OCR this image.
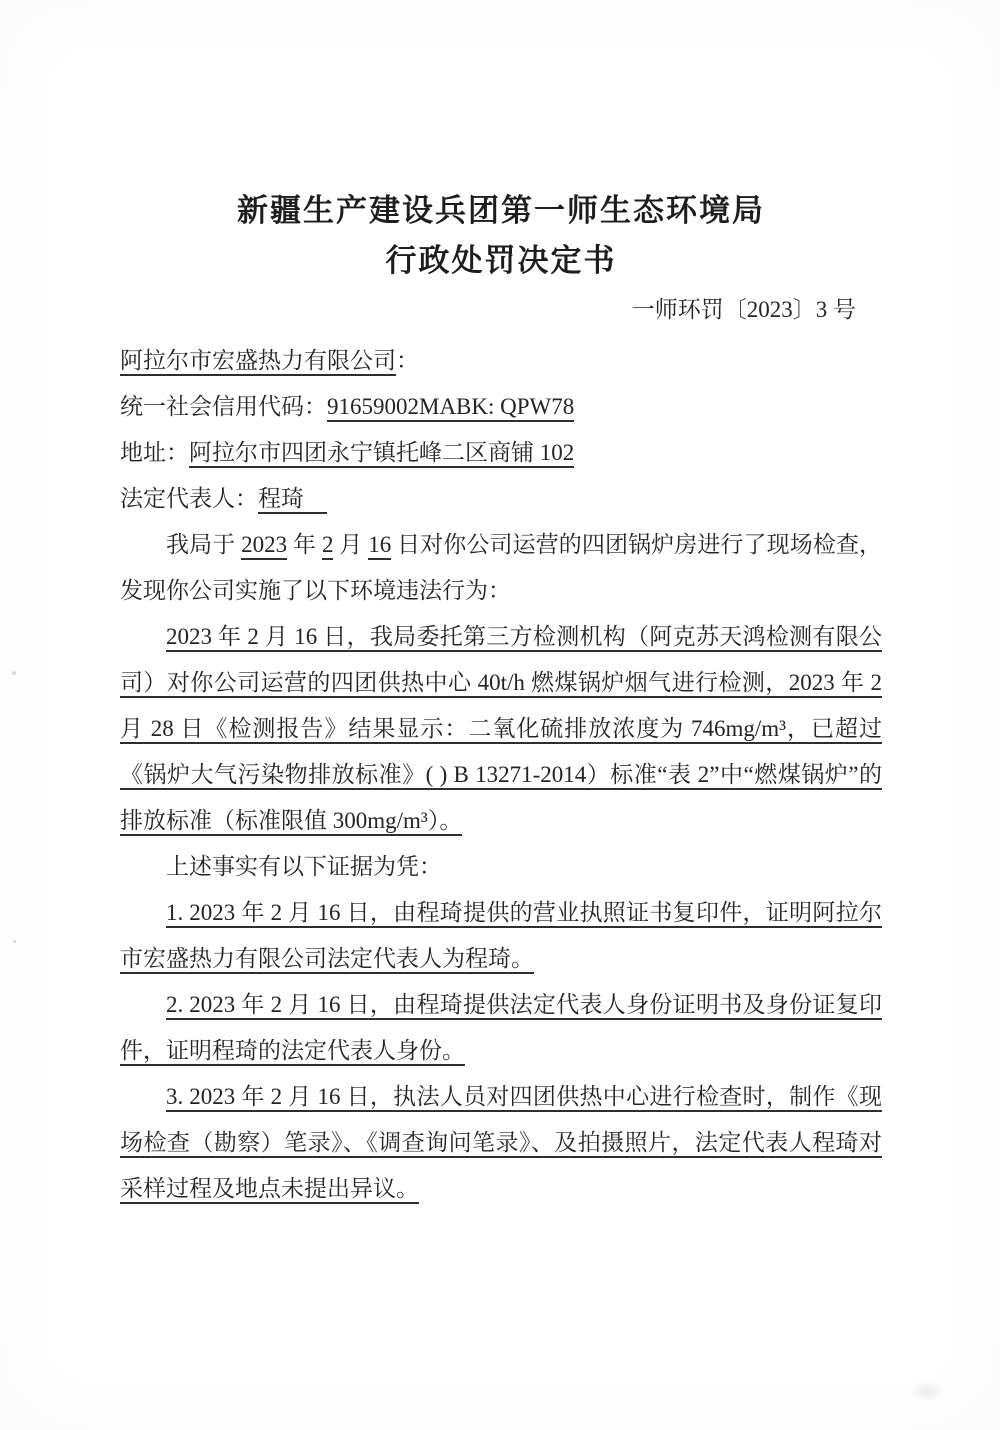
新疆生产建设兵团第一师生态环境局
行政处罚决定书
一师环罚〔2023〕3 号

阿拉尔市宏盛热力有限公司：

统一社会信用代码：91659002MABK: QPW78

地址：阿拉尔市四团永宁镇托峰二区商铺 102

法定代表人：程琦　

我局于 2023 年 2 月 16 日对你公司运营的四团锅炉房进行了现场检查，发现你公司实施了以下环境违法行为：

2023 年 2 月 16 日，我局委托第三方检测机构（阿克苏天鸿检测有限公司）对你公司运营的四团供热中心 40t/h 燃煤锅炉烟气进行检测，2023 年 2 月 28 日《检测报告》结果显示：二氧化硫排放浓度为 746mg/m³，已超过《锅炉大气污染物排放标准》( ) B 13271-2014）标准“表 2”中“燃煤锅炉”的排放标准（标准限值 300mg/m³）。

上述事实有以下证据为凭：

1. 2023 年 2 月 16 日，由程琦提供的营业执照证书复印件，证明阿拉尔市宏盛热力有限公司法定代表人为程琦。

2. 2023 年 2 月 16 日，由程琦提供法定代表人身份证明书及身份证复印件，证明程琦的法定代表人身份。

3. 2023 年 2 月 16 日，执法人员对四团供热中心进行检查时，制作《现场检查（勘察）笔录》、《调查询问笔录》、及拍摄照片，法定代表人程琦对采样过程及地点未提出异议。
